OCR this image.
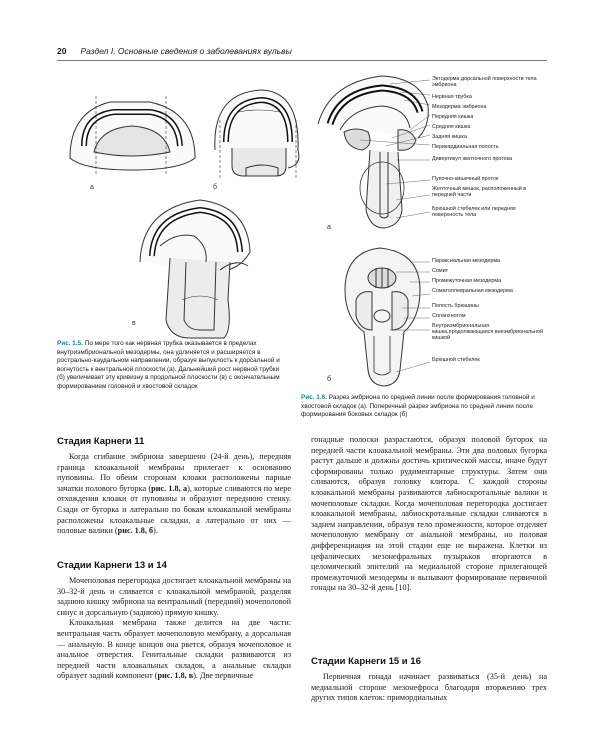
20 Раздел I. Основные сведения о заболеваниях вульвы
а	б
в
Рис. 1.5. По мере того как нервная трубка оказывается в пределах внутриэмбриональной мезодермы, она удлиняется и расширяется в рострально-каудальном направлении, образуя выпуклость к дорсальной и вогнутость к вентральной плоскости (а). Дальнейший рост нервной трубки (б) увеличивает эту кривизну в продольной плоскости (в) с окончательным формированием головной и хвостовой складок
Эктодерма дорсальной поверхности тела эмбриона
Нервная трубка
Мезодерма эмбриона
Передняя кишка
Средняя кишка
Задняя кишка
Перикардиальная полость
Дивертикул желточного протока
Пупочно-кишечный проток
Желточный мешок, расположенный в передней части
Брюшной стебелек или передняя поверхность тела
Параксиальная мезодерма
Сомит
Промежуточная мезодерма
Соматоплевральная мезодерма
Полость брюшины
Спланхнотом
Внутриэмбриональная кишка,продолжающаяся внеэмбриональной кишкой
Брюшной стебелек
а
б
Рис. 1.6. Разрез эмбриона по средней линии после формирования головной и хвостовой складок (а). Поперечный разрез эмбриона по средней линии после формирования боковых складок (б)
Стадия Карнеги 11

Когда сгибание эмбриона завершено (24-й день), передняя граница клоакальной мембраны прилегает к основанию пуповины. По обеим сторонам клоаки расположены парные зачатки полового бугорка (рис. 1.8, а), которые сливаются по мере отхождения клоаки от пуповины и образуют переднюю стенку. Сзади от бугорка и латерально по бокам клоакальной мембраны расположены клоакальные складки, а латерально от них — половые валики (рис. 1.8, б).

Стадии Карнеги 13 и 14

Мочеполовая перегородка достигает клоакальной мембраны на 30–32-й день и сливается с клоакальной мембраной, разделяя заднюю кишку эмбриона на вентральный (передний) мочеполовой синус и дорсальную (заднюю) прямую кишку.

Клоакальная мембрана также делится на две части: вентральная часть образует мочеполовую мембрану, а дорсальная — анальную. В конце концов она рвется, образуя мочеполовое и анальное отверстия. Генитальные складки развиваются из передней части клоакальных складок, а анальные складки образует задний компонент (рис. 1.8, в). Две первичные

гонадные полоски разрастаются, образуя половой бугорок на передней части клоакальной мембраны. Эти два половых бугорка растут дальше и должны достичь критической массы, иначе будут сформированы только рудиментарные структуры. Затем они сливаются, образуя головку клитора. С каждой стороны клоакальной мембраны развиваются лабиоскротальные валики и мочеполовые складки. Когда мочеполовая перегородка достигает клоакальной мембраны, лабиоскротальные складки сливаются в заднем направлении, образуя тело промежности, которое отделяет мочеполовую мембрану от анальной мембраны, но половая дифференциация на этой стадии еще не выражена. Клетки из цефалических мезонефральных пузырьков вторгаются в целомический эпителий на медиальной стороне прилегающей промежуточной мезодермы и вызывают формирование первичной гонады на 30–32-й день [10].

Стадии Карнеги 15 и 16

Первичная гонада начинает развиваться (35-й день) на медиальной стороне мезонефроса благодаря вторжению трех других типов клеток: примордиальных
